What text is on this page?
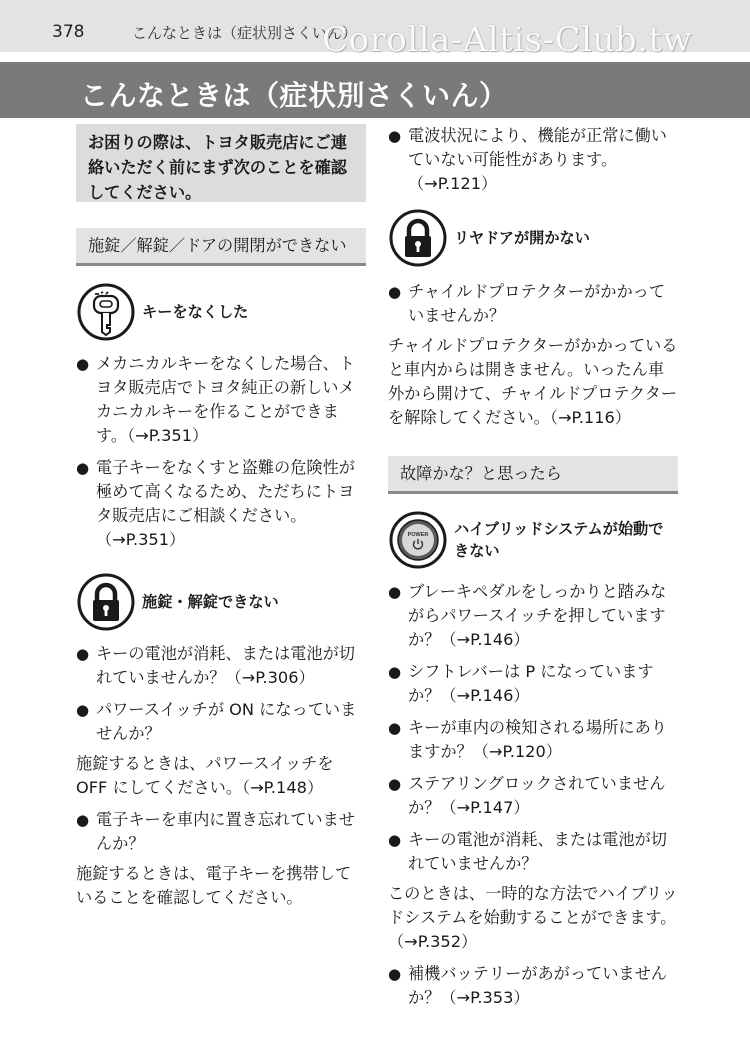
378	こんなときは（症状別さくいん）
Corolla-Altis-Club.tw
こんなときは（症状別さくいん）
お困りの際は、トヨタ販売店にご連絡いただく前にまず次のことを確認してください。
施錠／解錠／ドアの開閉ができない
キーをなくした
● メカニカルキーをなくした場合、トヨタ販売店でトヨタ純正の新しいメカニカルキーを作ることができます。（→P.351）
● 電子キーをなくすと盗難の危険性が極めて高くなるため、ただちにトヨタ販売店にご相談ください。（→P.351）
施錠・解錠できない
● キーの電池が消耗、または電池が切れていませんか？（→P.306）
● パワースイッチが ON になっていませんか？
施錠するときは、パワースイッチを OFF にしてください。（→P.148）
● 電子キーを車内に置き忘れていませんか？
施錠するときは、電子キーを携帯していることを確認してください。
● 電波状況により、機能が正常に働いていない可能性があります。（→P.121）
リヤドアが開かない
● チャイルドプロテクターがかかっていませんか？
チャイルドプロテクターがかかっていると車内からは開きません。いったん車外から開けて、チャイルドプロテクターを解除してください。（→P.116）
故障かな？と思ったら
POWER ハイブリッドシステムが始動できない
● ブレーキペダルをしっかりと踏みながらパワースイッチを押していますか？（→P.146）
● シフトレバーは P になっていますか？（→P.146）
● キーが車内の検知される場所にありますか？（→P.120）
● ステアリングロックされていませんか？（→P.147）
● キーの電池が消耗、または電池が切れていませんか？
このときは、一時的な方法でハイブリッドシステムを始動することができます。（→P.352）
● 補機バッテリーがあがっていませんか？（→P.353）
